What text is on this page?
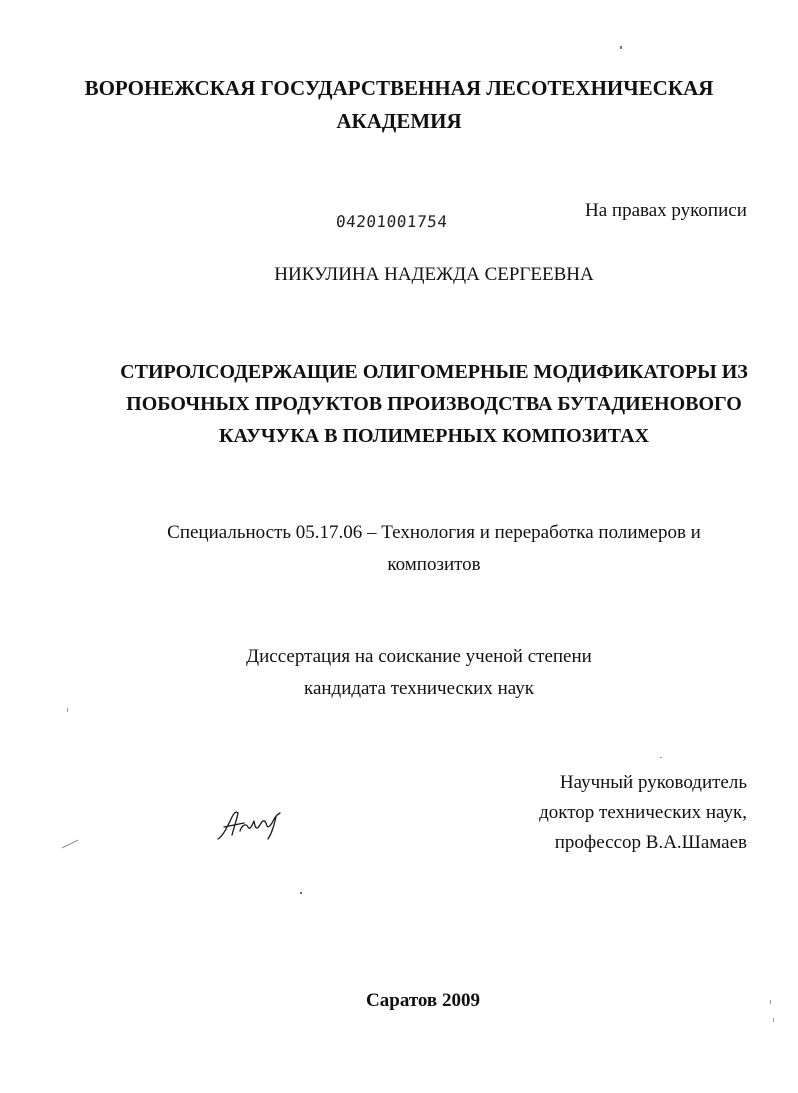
ВОРОНЕЖСКАЯ ГОСУДАРСТВЕННАЯ ЛЕСОТЕХНИЧЕСКАЯ
АКАДЕМИЯ
04201001754
На правах рукописи
НИКУЛИНА НАДЕЖДА СЕРГЕЕВНА
СТИРОЛСОДЕРЖАЩИЕ ОЛИГОМЕРНЫЕ МОДИФИКАТОРЫ ИЗ
ПОБОЧНЫХ ПРОДУКТОВ ПРОИЗВОДСТВА БУТАДИЕНОВОГО
КАУЧУКА В ПОЛИМЕРНЫХ КОМПОЗИТАХ
Специальность 05.17.06 – Технология и переработка полимеров и
композитов
Диссертация на соискание ученой степени
кандидата технических наук
Научный руководитель
доктор технических наук,
профессор В.А.Шамаев
Саратов 2009
